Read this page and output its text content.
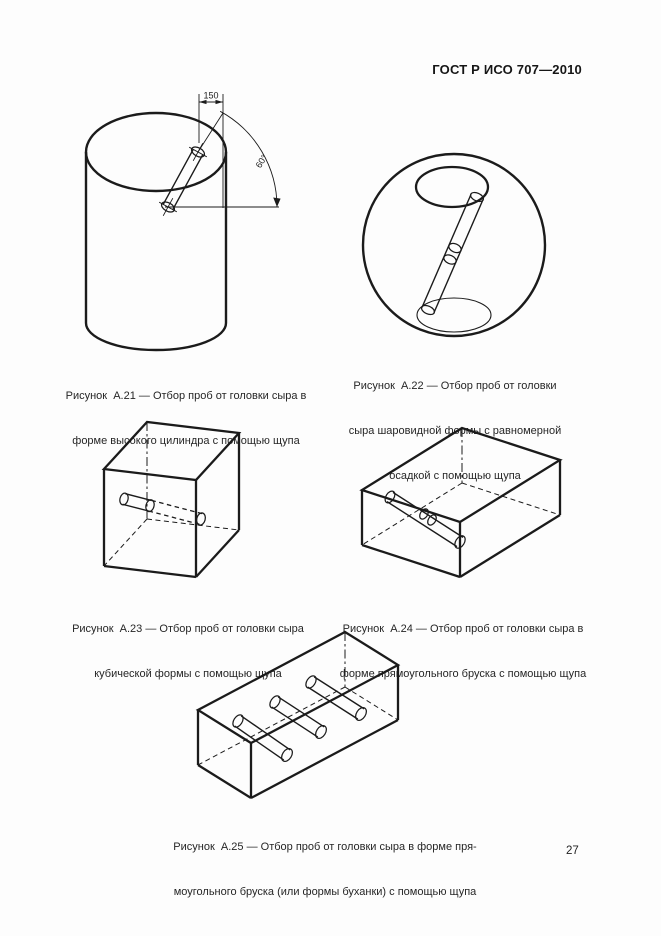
ГОСТ Р ИСО 707—2010
150
60°

Рисунок  А.21 — Отбор проб от головки сыра в

форме высокого цилиндра с помощью щупа

Рисунок  А.22 — Отбор проб от головки

сыра шаровидной формы с равномерной

осадкой с помощью щупа

Рисунок  А.23 — Отбор проб от головки сыра

кубической формы с помощью щупа

Рисунок  А.24 — Отбор проб от головки сыра в

форме прямоугольного бруска с помощью щупа

Рисунок  А.25 — Отбор проб от головки сыра в форме пря-

моугольного бруска (или формы буханки) с помощью щупа

27
